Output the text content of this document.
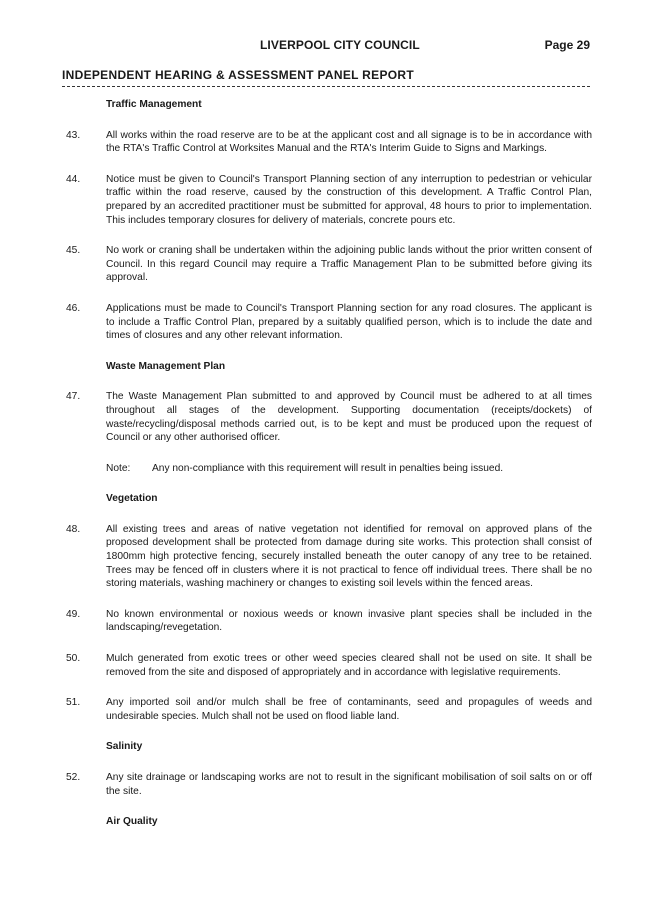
LIVERPOOL CITY COUNCIL	Page 29
INDEPENDENT HEARING & ASSESSMENT PANEL REPORT
Traffic Management
43.	All works within the road reserve are to be at the applicant cost and all signage is to be in accordance with the RTA's Traffic Control at Worksites Manual and the RTA's Interim Guide to Signs and Markings.
44.	Notice must be given to Council's Transport Planning section of any interruption to pedestrian or vehicular traffic within the road reserve, caused by the construction of this development. A Traffic Control Plan, prepared by an accredited practitioner must be submitted for approval, 48 hours to prior to implementation. This includes temporary closures for delivery of materials, concrete pours etc.
45.	No work or craning shall be undertaken within the adjoining public lands without the prior written consent of Council. In this regard Council may require a Traffic Management Plan to be submitted before giving its approval.
46.	Applications must be made to Council's Transport Planning section for any road closures. The applicant is to include a Traffic Control Plan, prepared by a suitably qualified person, which is to include the date and times of closures and any other relevant information.
Waste Management Plan
47.	The Waste Management Plan submitted to and approved by Council must be adhered to at all times throughout all stages of the development. Supporting documentation (receipts/dockets) of waste/recycling/disposal methods carried out, is to be kept and must be produced upon the request of Council or any other authorised officer.
Note: Any non-compliance with this requirement will result in penalties being issued.
Vegetation
48.	All existing trees and areas of native vegetation not identified for removal on approved plans of the proposed development shall be protected from damage during site works. This protection shall consist of 1800mm high protective fencing, securely installed beneath the outer canopy of any tree to be retained. Trees may be fenced off in clusters where it is not practical to fence off individual trees. There shall be no storing materials, washing machinery or changes to existing soil levels within the fenced areas.
49.	No known environmental or noxious weeds or known invasive plant species shall be included in the landscaping/revegetation.
50.	Mulch generated from exotic trees or other weed species cleared shall not be used on site. It shall be removed from the site and disposed of appropriately and in accordance with legislative requirements.
51.	Any imported soil and/or mulch shall be free of contaminants, seed and propagules of weeds and undesirable species. Mulch shall not be used on flood liable land.
Salinity
52.	Any site drainage or landscaping works are not to result in the significant mobilisation of soil salts on or off the site.
Air Quality
